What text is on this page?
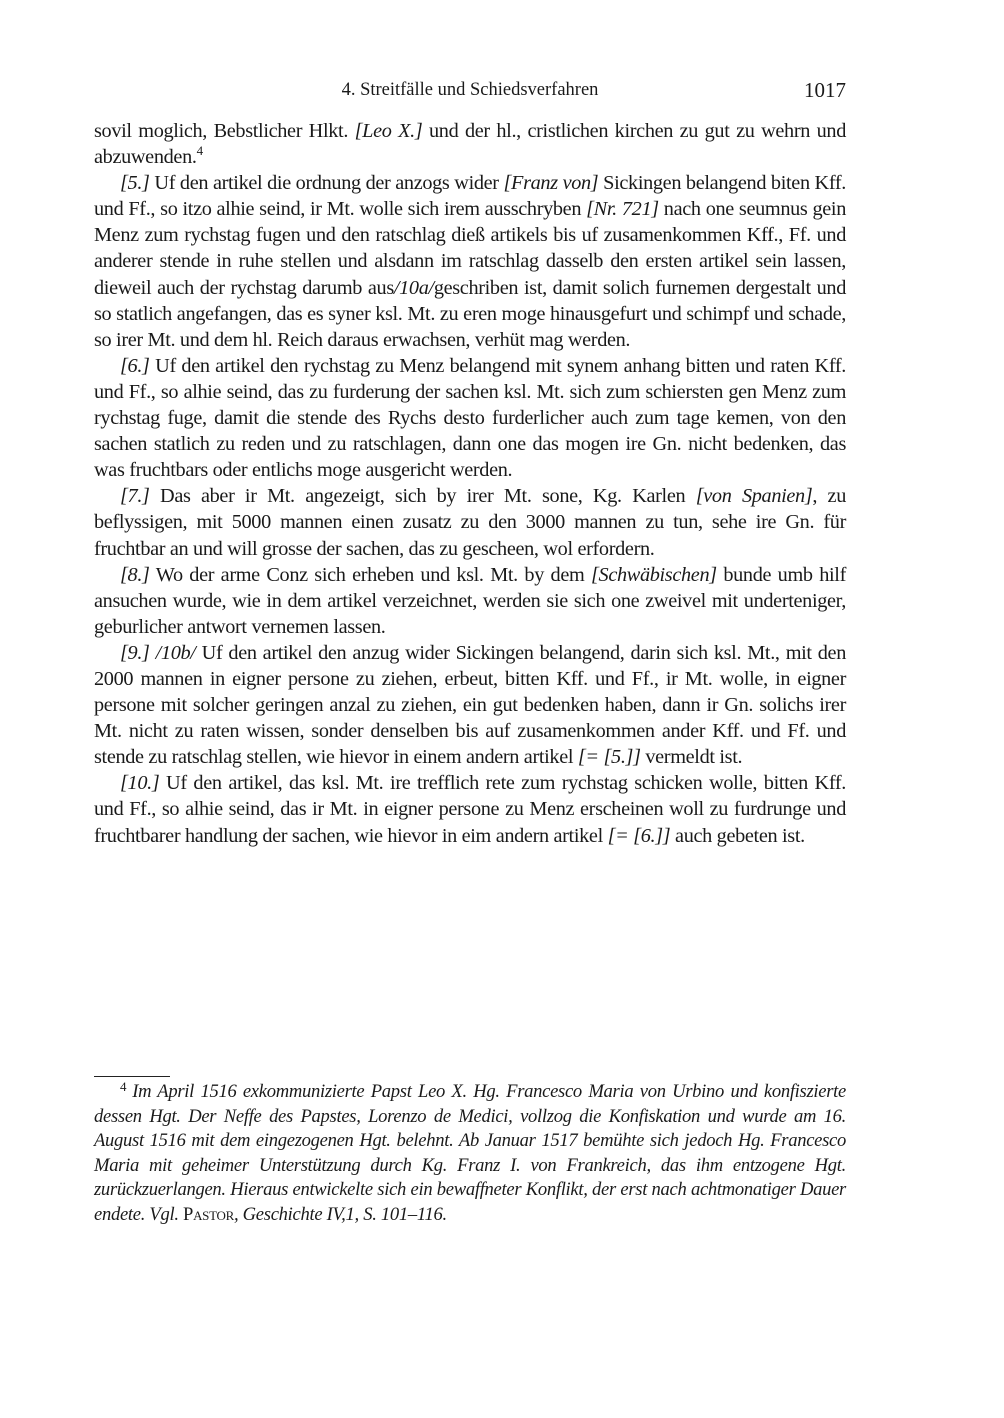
4. Streitfälle und Schiedsverfahren	1017

sovil moglich, Bebstlicher Hlkt. [Leo X.] und der hl., cristlichen kirchen zu gut zu wehrn und abzuwenden.$^4$

[5.] Uf den artikel die ordnung der anzogs wider [Franz von] Sickingen belangend biten Kff. und Ff., so itzo alhie seind, ir Mt. wolle sich irem ausschryben [Nr. 721] nach one seumnus gein Menz zum rychstag fugen und den ratschlag dieß artikels bis uf zusamenkommen Kff., Ff. und anderer stende in ruhe stellen und alsdann im ratschlag dasselb den ersten artikel sein lassen, dieweil auch der rychstag darumb aus/10a/geschriben ist, damit solich furnemen dergestalt und so statlich angefangen, das es syner ksl. Mt. zu eren moge hinausgefurt und schimpf und schade, so irer Mt. und dem hl. Reich daraus erwachsen, verhüt mag werden.

[6.] Uf den artikel den rychstag zu Menz belangend mit synem anhang bitten und raten Kff. und Ff., so alhie seind, das zu furderung der sachen ksl. Mt. sich zum schiersten gen Menz zum rychstag fuge, damit die stende des Rychs desto furderlicher auch zum tage kemen, von den sachen statlich zu reden und zu ratschlagen, dann one das mogen ire Gn. nicht bedenken, das was fruchtbars oder entlichs moge ausgericht werden.

[7.] Das aber ir Mt. angezeigt, sich by irer Mt. sone, Kg. Karlen [von Spanien], zu beflyssigen, mit 5000 mannen einen zusatz zu den 3000 mannen zu tun, sehe ire Gn. für fruchtbar an und will grosse der sachen, das zu gescheen, wol erfordern.

[8.] Wo der arme Conz sich erheben und ksl. Mt. by dem [Schwäbischen] bunde umb hilf ansuchen wurde, wie in dem artikel verzeichnet, werden sie sich one zweivel mit underteniger, geburlicher antwort vernemen lassen.

[9.] /10b/ Uf den artikel den anzug wider Sickingen belangend, darin sich ksl. Mt., mit den 2000 mannen in eigner persone zu ziehen, erbeut, bitten Kff. und Ff., ir Mt. wolle, in eigner persone mit solcher geringen anzal zu ziehen, ein gut bedenken haben, dann ir Gn. solichs irer Mt. nicht zu raten wissen, sonder denselben bis auf zusamenkommen ander Kff. und Ff. und stende zu ratschlag stellen, wie hievor in einem andern artikel [= [5.]] vermeldt ist.

[10.] Uf den artikel, das ksl. Mt. ire trefflich rete zum rychstag schicken wolle, bitten Kff. und Ff., so alhie seind, das ir Mt. in eigner persone zu Menz erscheinen woll zu furdrunge und fruchtbarer handlung der sachen, wie hievor in eim andern artikel [= [6.]] auch gebeten ist.

$^4$ Im April 1516 exkommunizierte Papst Leo X. Hg. Francesco Maria von Urbino und konfiszierte dessen Hgt. Der Neffe des Papstes, Lorenzo de Medici, vollzog die Konfiskation und wurde am 16. August 1516 mit dem eingezogenen Hgt. belehnt. Ab Januar 1517 bemühte sich jedoch Hg. Francesco Maria mit geheimer Unterstützung durch Kg. Franz I. von Frankreich, das ihm entzogene Hgt. zurückzuerlangen. Hieraus entwickelte sich ein bewaffneter Konflikt, der erst nach achtmonatiger Dauer endete. Vgl. Pastor, Geschichte IV,1, S. 101–116.
